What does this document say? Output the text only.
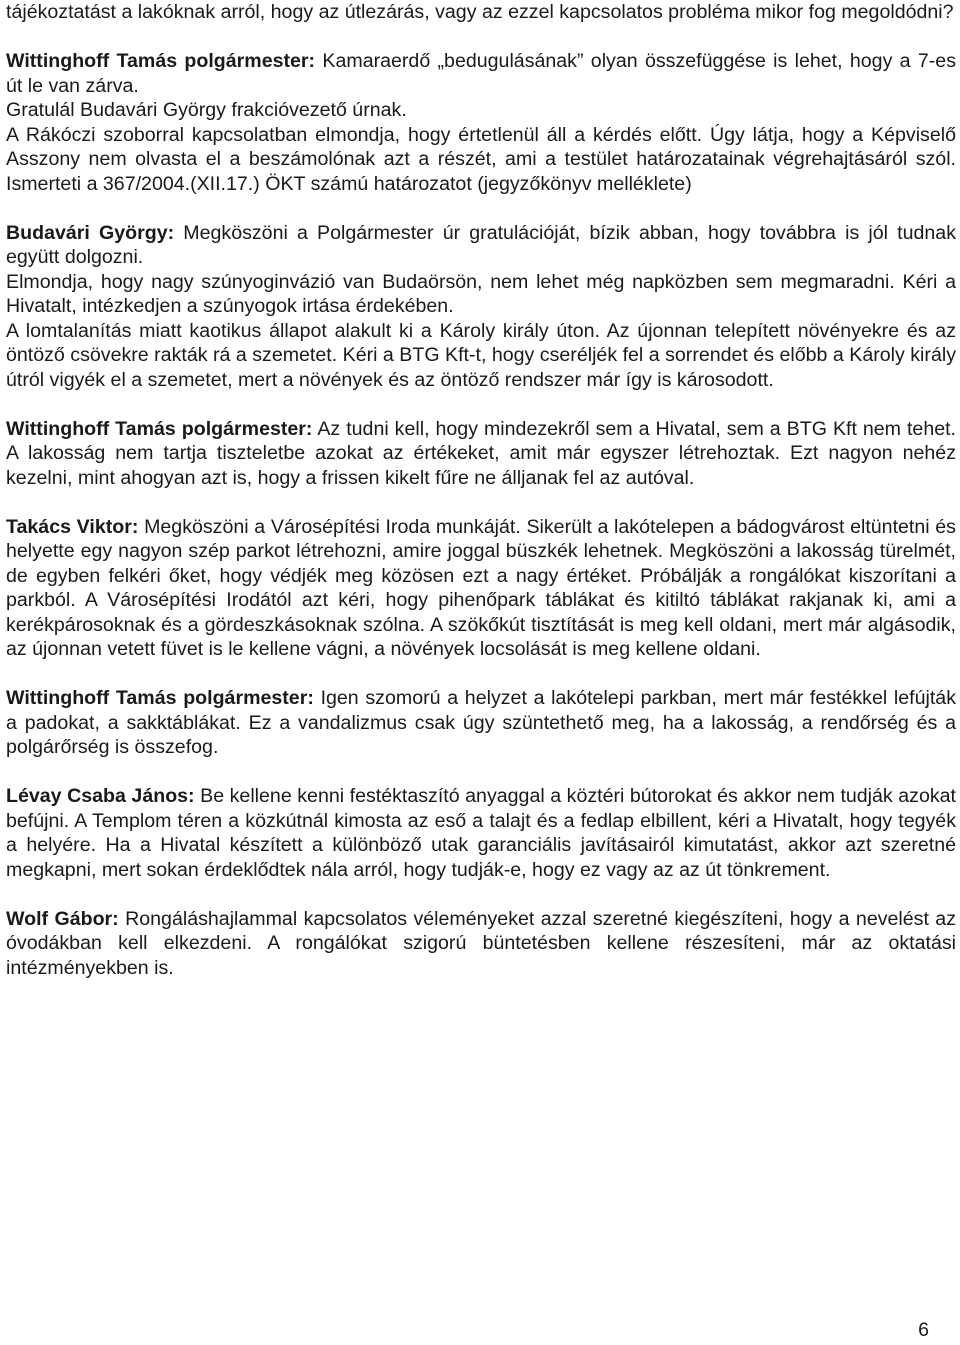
tájékoztatást a lakóknak arról, hogy az útlezárás, vagy az ezzel kapcsolatos probléma mikor fog megoldódni?

Wittinghoff Tamás polgármester: Kamaraerdő „bedugulásának” olyan összefüggése is lehet, hogy a 7-es út le van zárva.

Gratulál Budavári György frakcióvezető úrnak.

A Rákóczi szoborral kapcsolatban elmondja, hogy értetlenül áll a kérdés előtt. Úgy látja, hogy a Képviselő Asszony nem olvasta el a beszámolónak azt a részét, ami a testület határozatainak végrehajtásáról szól. Ismerteti a 367/2004.(XII.17.) ÖKT számú határozatot (jegyzőkönyv melléklete)

Budavári György: Megköszöni a Polgármester úr gratulációját, bízik abban, hogy továbbra is jól tudnak együtt dolgozni.

Elmondja, hogy nagy szúnyoginvázió van Budaörsön, nem lehet még napközben sem megmaradni. Kéri a Hivatalt, intézkedjen a szúnyogok irtása érdekében.

A lomtalanítás miatt kaotikus állapot alakult ki a Károly király úton. Az újonnan telepített növényekre és az öntöző csövekre rakták rá a szemetet. Kéri a BTG Kft-t, hogy cseréljék fel a sorrendet és előbb a Károly király útról vigyék el a szemetet, mert a növények és az öntöző rendszer már így is károsodott.

Wittinghoff Tamás polgármester: Az tudni kell, hogy mindezekről sem a Hivatal, sem a BTG Kft nem tehet. A lakosság nem tartja tiszteletbe azokat az értékeket, amit már egyszer létrehoztak. Ezt nagyon nehéz kezelni, mint ahogyan azt is, hogy a frissen kikelt fűre ne álljanak fel az autóval.

Takács Viktor: Megköszöni a Városépítési Iroda munkáját. Sikerült a lakótelepen a bádogvárost eltüntetni és helyette egy nagyon szép parkot létrehozni, amire joggal büszkék lehetnek. Megköszöni a lakosság türelmét, de egyben felkéri őket, hogy védjék meg közösen ezt a nagy értéket. Próbálják a rongálókat kiszorítani a parkból. A Városépítési Irodától azt kéri, hogy pihenőpark táblákat és kitiltó táblákat rakjanak ki, ami a kerékpárosoknak és a gördeszkásoknak szólna. A szökőkút tisztítását is meg kell oldani, mert már algásodik, az újonnan vetett füvet is le kellene vágni, a növények locsolását is meg kellene oldani.

Wittinghoff Tamás polgármester: Igen szomorú a helyzet a lakótelepi parkban, mert már festékkel lefújták a padokat, a sakktáblákat. Ez a vandalizmus csak úgy szüntethető meg, ha a lakosság, a rendőrség és a polgárőrség is összefog.

Lévay Csaba János: Be kellene kenni festéktaszító anyaggal a köztéri bútorokat és akkor nem tudják azokat befújni. A Templom téren a közkútnál kimosta az eső a talajt és a fedlap elbillent, kéri a Hivatalt, hogy tegyék a helyére. Ha a Hivatal készített a különböző utak garanciális javításairól kimutatást, akkor azt szeretné megkapni, mert sokan érdeklődtek nála arról, hogy tudják-e, hogy ez vagy az az út tönkrement.

Wolf Gábor: Rongáláshajlammal kapcsolatos véleményeket azzal szeretné kiegészíteni, hogy a nevelést az óvodákban kell elkezdeni. A rongálókat szigorú büntetésben kellene részesíteni, már az oktatási intézményekben is.

6
